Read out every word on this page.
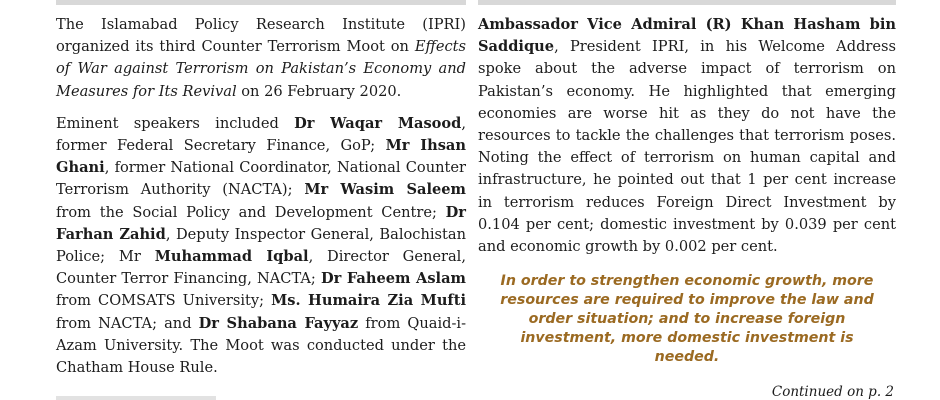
The Islamabad Policy Research Institute (IPRI) organized its third Counter Terrorism Moot on Effects of War against Terrorism on Pakistan’s Economy and Measures for Its Revival on 26 February 2020.

Eminent speakers included Dr Waqar Masood, former Federal Secretary Finance, GoP; Mr Ihsan Ghani, former National Coordinator, National Counter Terrorism Authority (NACTA); Mr Wasim Saleem from the Social Policy and Development Centre; Dr Farhan Zahid, Deputy Inspector General, Balochistan Police; Mr Muhammad Iqbal, Director General, Counter Terror Financing, NACTA; Dr Faheem Aslam from COMSATS University; Ms. Humaira Zia Mufti from NACTA; and Dr Shabana Fayyaz from Quaid-i-Azam University. The Moot was conducted under the Chatham House Rule.

Ambassador Vice Admiral (R) Khan Hasham bin Saddique, President IPRI, in his Welcome Address spoke about the adverse impact of terrorism on Pakistan’s economy. He highlighted that emerging economies are worse hit as they do not have the resources to tackle the challenges that terrorism poses. Noting the effect of terrorism on human capital and infrastructure, he pointed out that 1 per cent increase in terrorism reduces Foreign Direct Investment by 0.104 per cent; domestic investment by 0.039 per cent and economic growth by 0.002 per cent.

In order to strengthen economic growth, more resources are required to improve the law and order situation; and to increase foreign investment, more domestic investment is needed.
Continued on p. 2
